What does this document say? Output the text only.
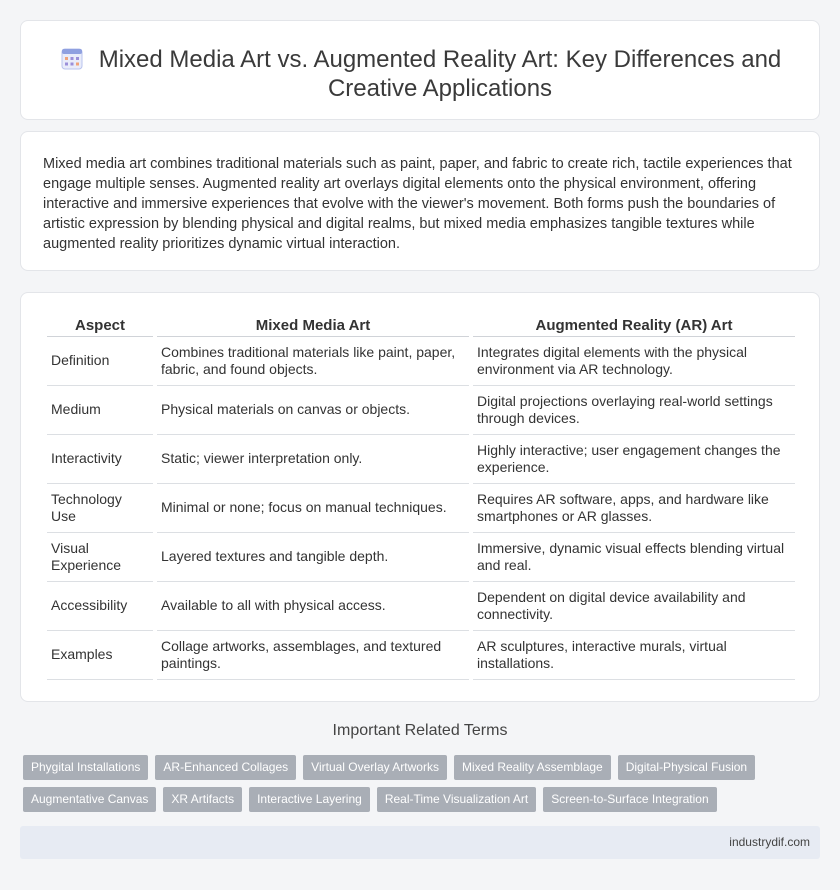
Mixed Media Art vs. Augmented Reality Art: Key Differences and Creative Applications

Mixed media art combines traditional materials such as paint, paper, and fabric to create rich, tactile experiences that engage multiple senses. Augmented reality art overlays digital elements onto the physical environment, offering interactive and immersive experiences that evolve with the viewer's movement. Both forms push the boundaries of artistic expression by blending physical and digital realms, but mixed media emphasizes tangible textures while augmented reality prioritizes dynamic virtual interaction.

Aspect	Mixed Media Art	Augmented Reality (AR) Art
Definition	Combines traditional materials like paint, paper, fabric, and found objects.	Integrates digital elements with the physical environment via AR technology.
Medium	Physical materials on canvas or objects.	Digital projections overlaying real-world settings through devices.
Interactivity	Static; viewer interpretation only.	Highly interactive; user engagement changes the experience.
Technology Use	Minimal or none; focus on manual techniques.	Requires AR software, apps, and hardware like smartphones or AR glasses.
Visual Experience	Layered textures and tangible depth.	Immersive, dynamic visual effects blending virtual and real.
Accessibility	Available to all with physical access.	Dependent on digital device availability and connectivity.
Examples	Collage artworks, assemblages, and textured paintings.	AR sculptures, interactive murals, virtual installations.
Important Related Terms
Phygital Installations	AR-Enhanced Collages	Virtual Overlay Artworks	Mixed Reality Assemblage	Digital-Physical Fusion
Augmentative Canvas	XR Artifacts	Interactive Layering	Real-Time Visualization Art	Screen-to-Surface Integration
industrydif.com
